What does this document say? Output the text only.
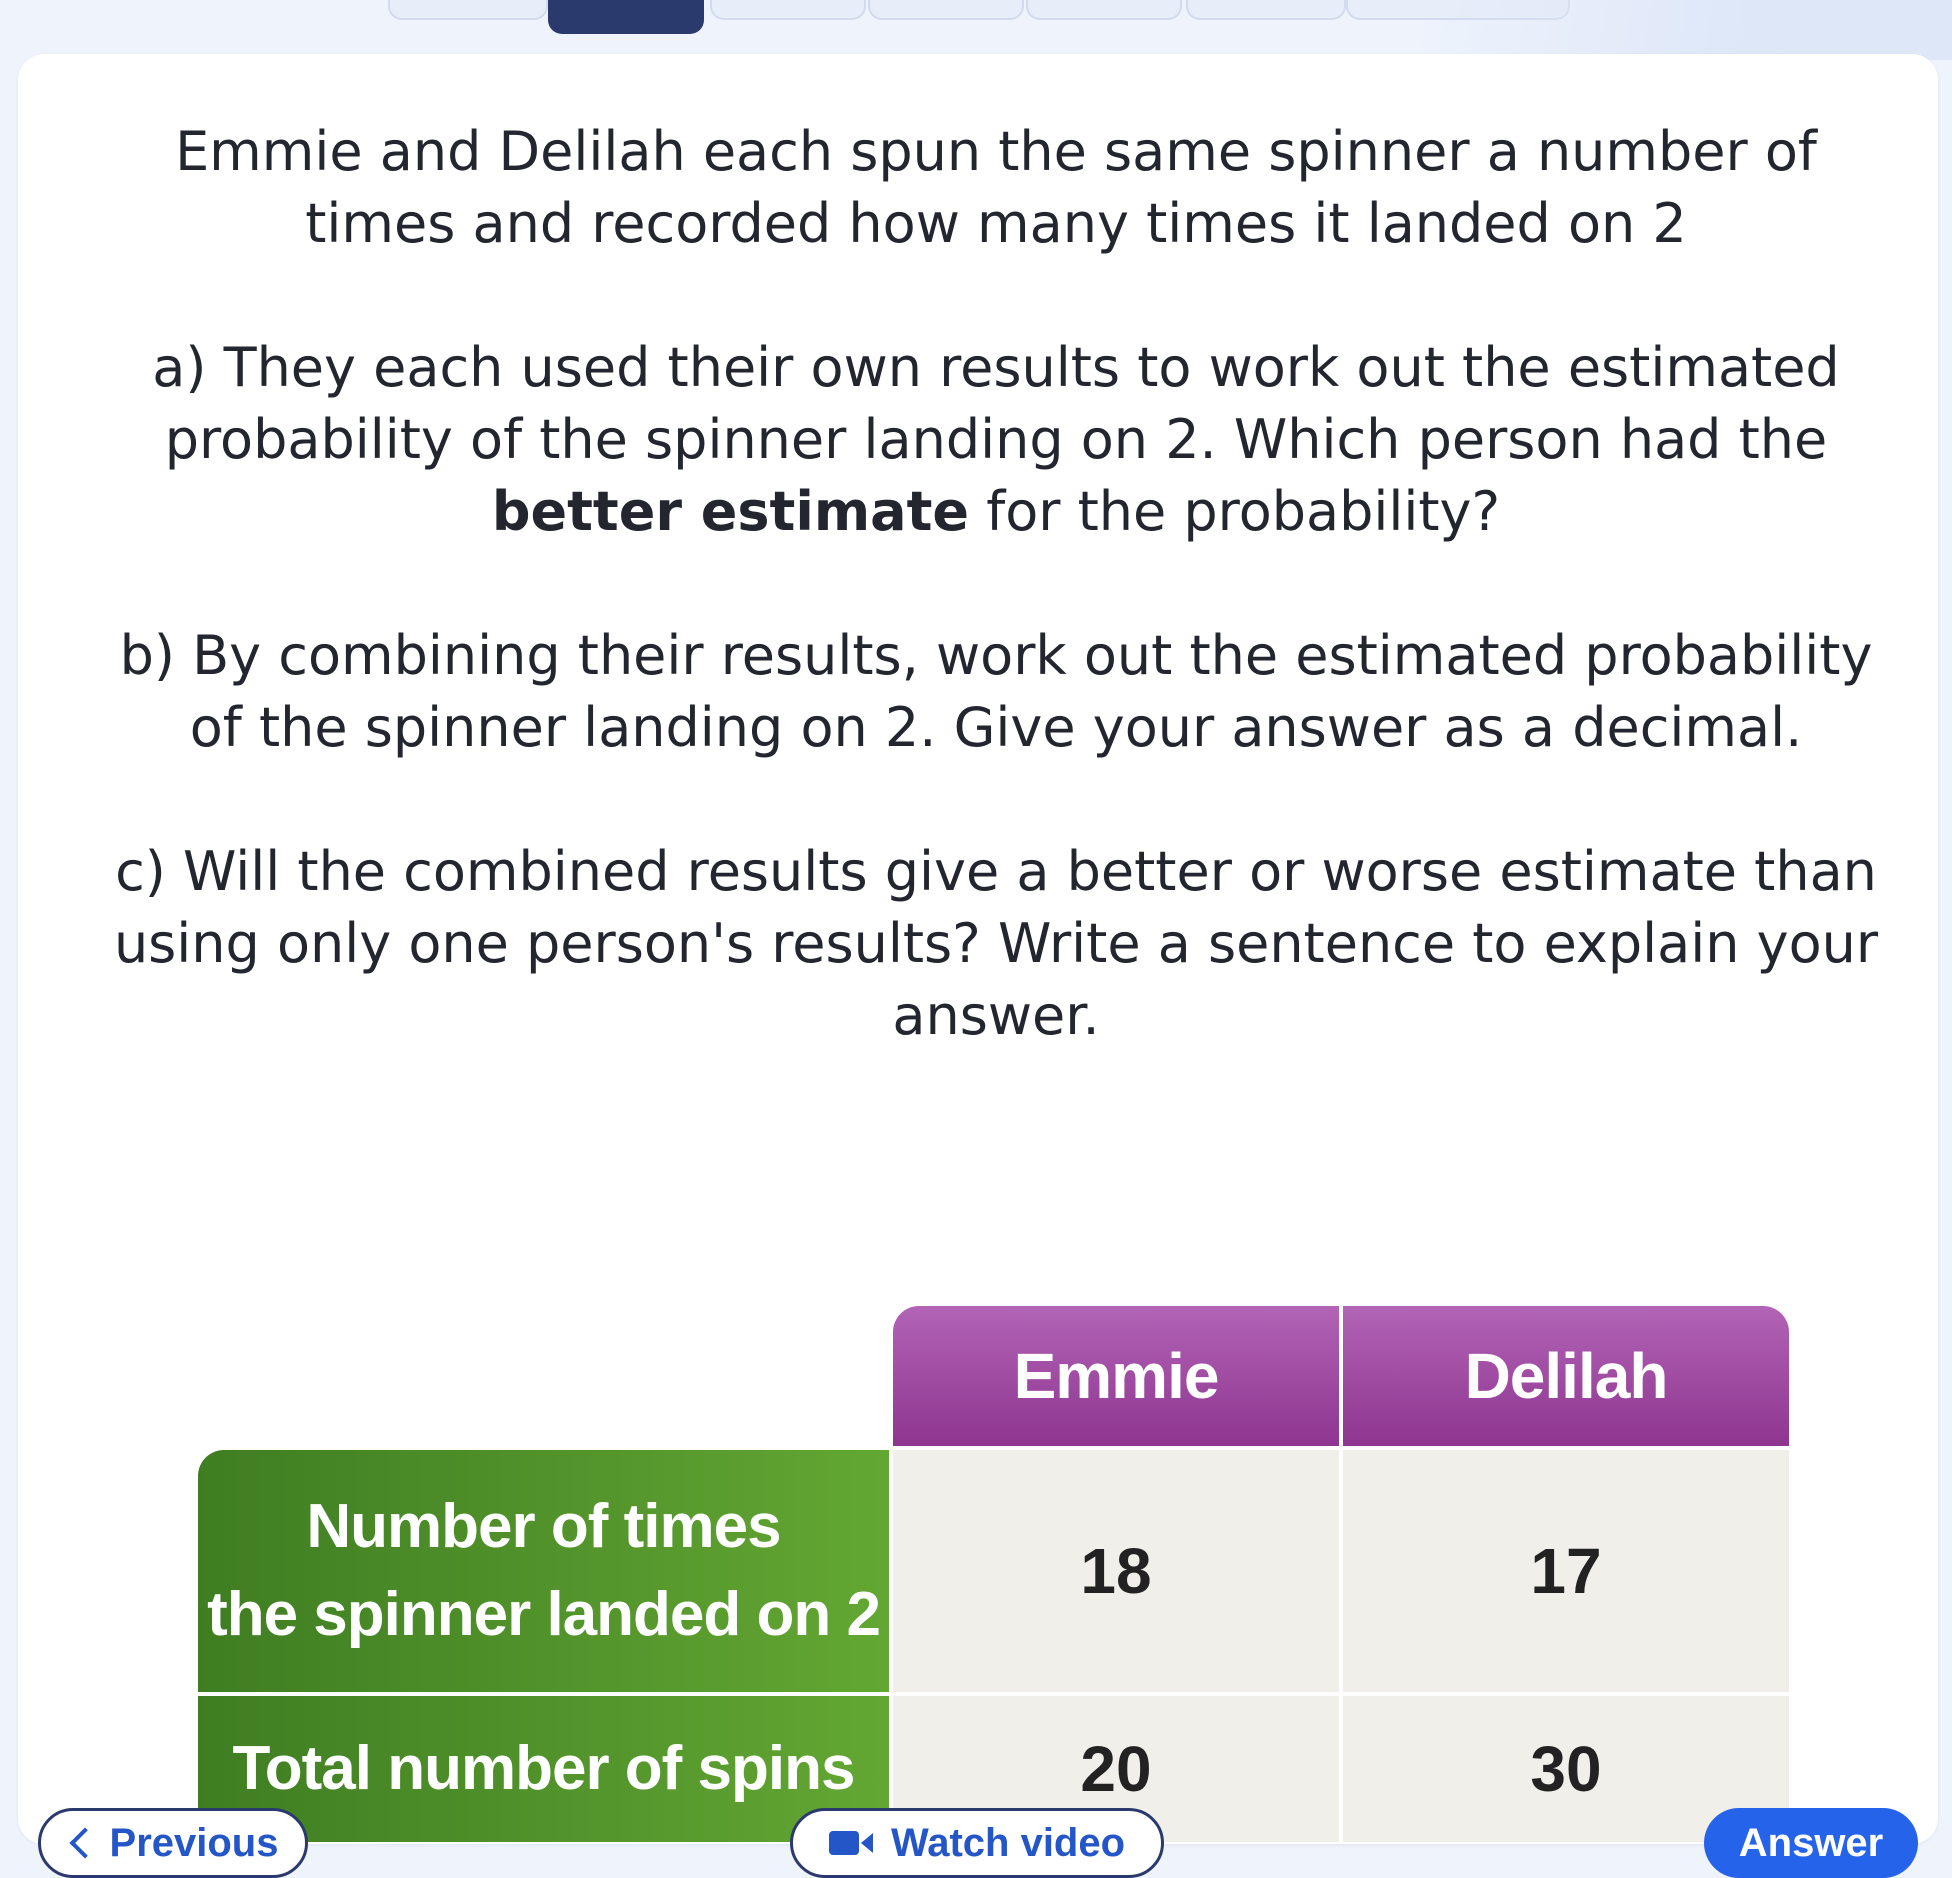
Emmie and Delilah each spun the same spinner a number of times and recorded how many times it landed on 2

a) They each used their own results to work out the estimated probability of the spinner landing on 2. Which person had the better estimate for the probability?

b) By combining their results, work out the estimated probability of the spinner landing on 2. Give your answer as a decimal.

c) Will the combined results give a better or worse estimate than using only one person's results? Write a sentence to explain your answer.

Emmie	Delilah
Number of times
the spinner landed on 2
18	17
Total number of spins	20	30
Previous	Watch video	Answer
